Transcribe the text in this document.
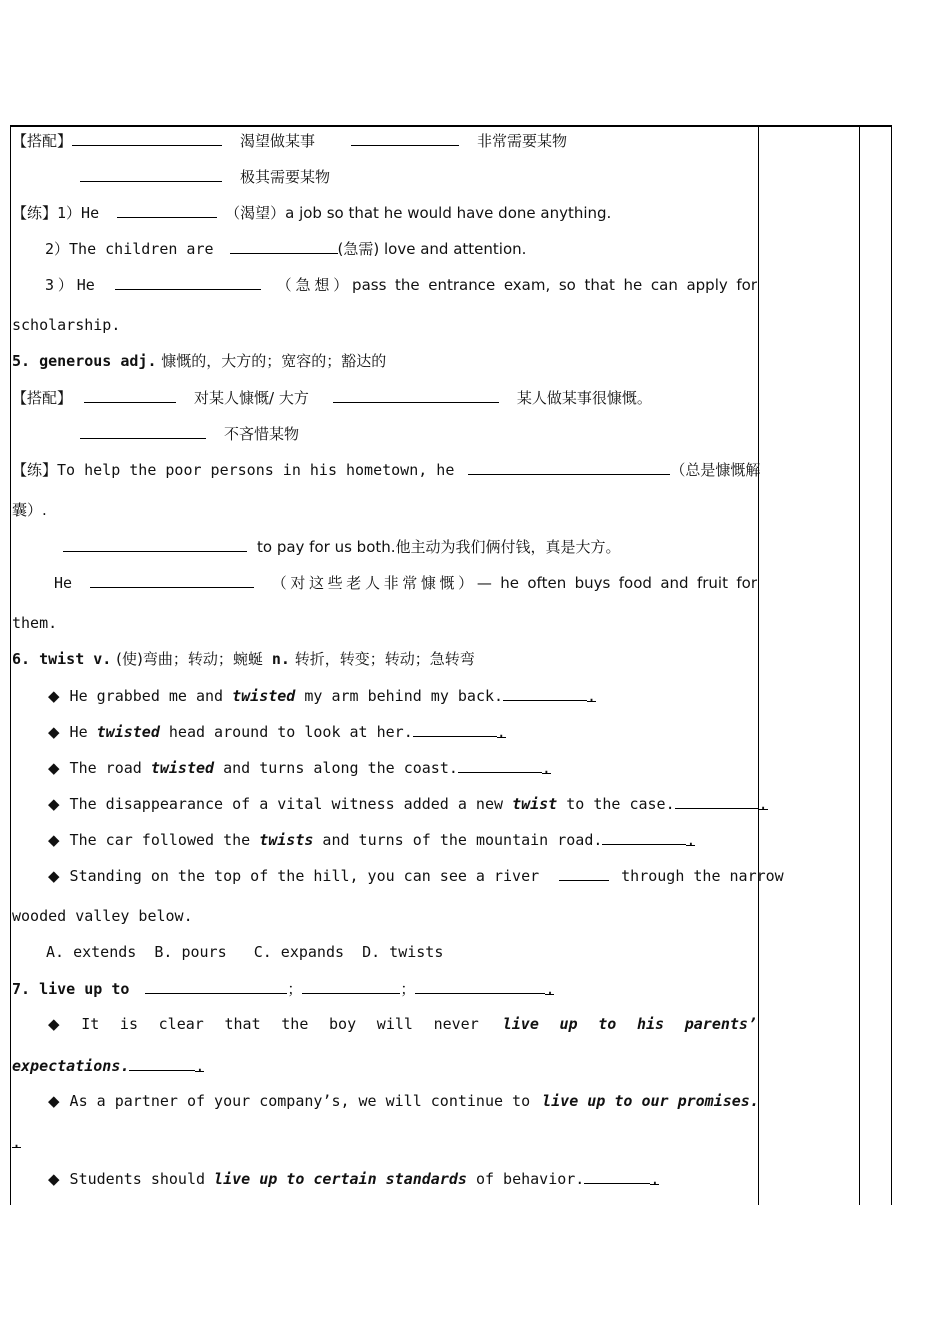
【搭配】	渴望做某事	非常需要某物
极其需要某物
【练】1）He	（渴望）a job so that he would have done anything.
2）The children are	(急需) love and attention.
3）He	（急想）pass the entrance exam, so that he can apply for
scholarship.
5. generous adj. 慷慨的，大方的；宽容的；豁达的
【搭配】	对某人慷慨/ 大方	某人做某事很慷慨。
不吝惜某物
【练】To help the poor persons in his hometown, he	（总是慷慨解
囊）.
to pay for us both.他主动为我们俩付钱，真是大方。
He	（对这些老人非常慷慨）— he often buys food and fruit for
them.
6. twist v. (使)弯曲；转动；蜿蜒 n. 转折，转变；转动；急转弯
◆ He grabbed me and twisted my arm behind my back.	.
◆ He twisted head around to look at her.	.
◆ The road twisted and turns along the coast.	.
◆ The disappearance of a vital witness added a new twist to the case.	.
◆ The car followed the twists and turns of the mountain road.	.
◆ Standing on the top of the hill, you can see a river	through the narrow
wooded valley below.
A. extends  B. pours   C. expands  D. twists
7. live up to	；	；	.
◆ It is clear that the boy will never live up to his parents’
expectations.	.
◆ As a partner of your company’s, we will continue to live up to our promises.
.
◆ Students should live up to certain standards of behavior.	.
